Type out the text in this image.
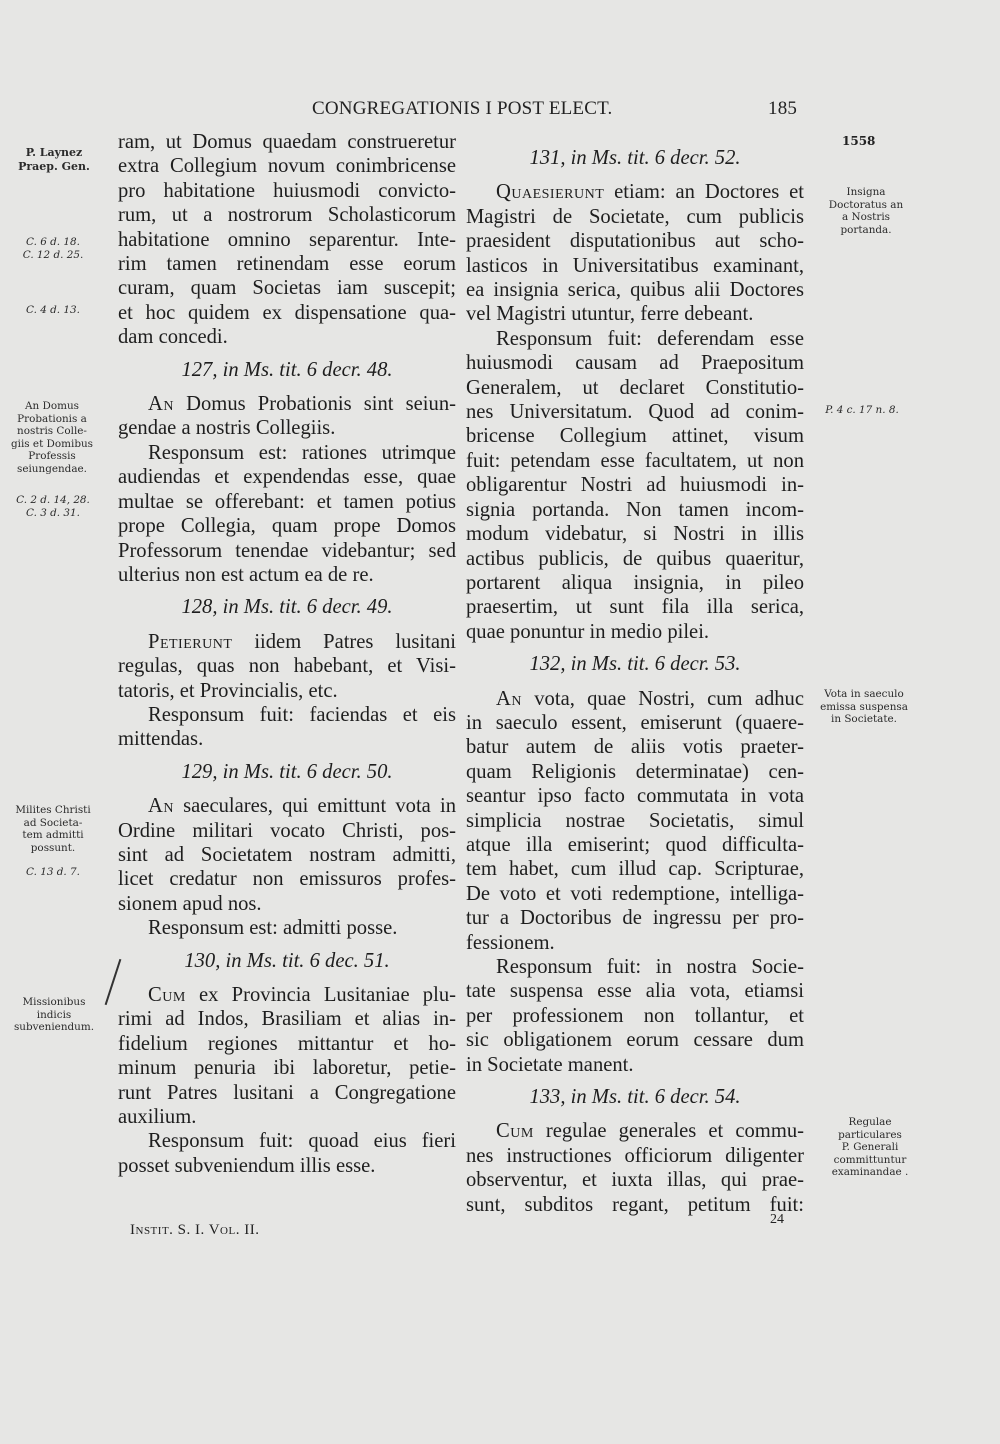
CONGREGATIONIS I POST ELECT.	185
P. Laynez
Praep. Gen.
C. 6 d. 18.
C. 12 d. 25.
C. 4 d. 13.
An Domus
Probationis a
nostris Colle-
giis et Domibus
Professis
seiungendae.
C. 2 d. 14, 28.
C. 3 d. 31.
Milites Christi
ad Societa-
tem admitti
possunt.
C. 13 d. 7.
Missionibus
indicis
subveniendum.
1558
Insigna
Doctoratus an
a Nostris
portanda.
P. 4 c. 17 n. 8.
Vota in saeculo
emissa suspensa
in Societate.
Regulae
particulares
P. Generali
committuntur
examinandae .

ram, ut Domus quaedam construeretur
extra Collegium novum conimbricense
pro habitatione huiusmodi convicto-
rum, ut a nostrorum Scholasticorum
habitatione omnino separentur. Inte-
rim tamen retinendam esse eorum
curam, quam Societas iam suscepit;
et hoc quidem ex dispensatione qua-
dam concedi.

127, in Ms. tit. 6 decr. 48.

An Domus Probationis sint seiun-
gendae a nostris Collegiis.

Responsum est: rationes utrimque
audiendas et expendendas esse, quae
multae se offerebant: et tamen potius
prope Collegia, quam prope Domos
Professorum tenendae videbantur; sed
ulterius non est actum ea de re.

128, in Ms. tit. 6 decr. 49.

Petierunt iidem Patres lusitani
regulas, quas non habebant, et Visi-
tatoris, et Provincialis, etc.

Responsum fuit: faciendas et eis
mittendas.

129, in Ms. tit. 6 decr. 50.

An saeculares, qui emittunt vota in
Ordine militari vocato Christi, pos-
sint ad Societatem nostram admitti,
licet credatur non emissuros profes-
sionem apud nos.

Responsum est: admitti posse.

130, in Ms. tit. 6 dec. 51.

Cum ex Provincia Lusitaniae plu-
rimi ad Indos, Brasiliam et alias in-
fidelium regiones mittantur et ho-
minum penuria ibi laboretur, petie-
runt Patres lusitani a Congregatione
auxilium.

Responsum fuit: quoad eius fieri
posset subveniendum illis esse.

131, in Ms. tit. 6 decr. 52.

Quaesierunt etiam: an Doctores et
Magistri de Societate, cum publicis
praesident disputationibus aut scho-
lasticos in Universitatibus examinant,
ea insignia serica, quibus alii Doctores
vel Magistri utuntur, ferre debeant.

Responsum fuit: deferendam esse
huiusmodi causam ad Praepositum
Generalem, ut declaret Constitutio-
nes Universitatum. Quod ad conim-
bricense Collegium attinet, visum
fuit: petendam esse facultatem, ut non
obligarentur Nostri ad huiusmodi in-
signia portanda. Non tamen incom-
modum videbatur, si Nostri in illis
actibus publicis, de quibus quaeritur,
portarent aliqua insignia, in pileo
praesertim, ut sunt fila illa serica,
quae ponuntur in medio pilei.

132, in Ms. tit. 6 decr. 53.

An vota, quae Nostri, cum adhuc
in saeculo essent, emiserunt (quaere-
batur autem de aliis votis praeter-
quam Religionis determinatae) cen-
seantur ipso facto commutata in vota
simplicia nostrae Societatis, simul
atque illa emiserint; quod difficulta-
tem habet, cum illud cap. Scripturae,
De voto et voti redemptione, intelliga-
tur a Doctoribus de ingressu per pro-
fessionem.

Responsum fuit: in nostra Socie-
tate suspensa esse alia vota, etiamsi
per professionem non tollantur, et
sic obligationem eorum cessare dum
in Societate manent.

133, in Ms. tit. 6 decr. 54.

Cum regulae generales et commu-
nes instructiones officiorum diligenter
observentur, et iuxta illas, qui prae-
sunt, subditos regant, petitum fuit:

Instit. S. I. Vol. II.
24
